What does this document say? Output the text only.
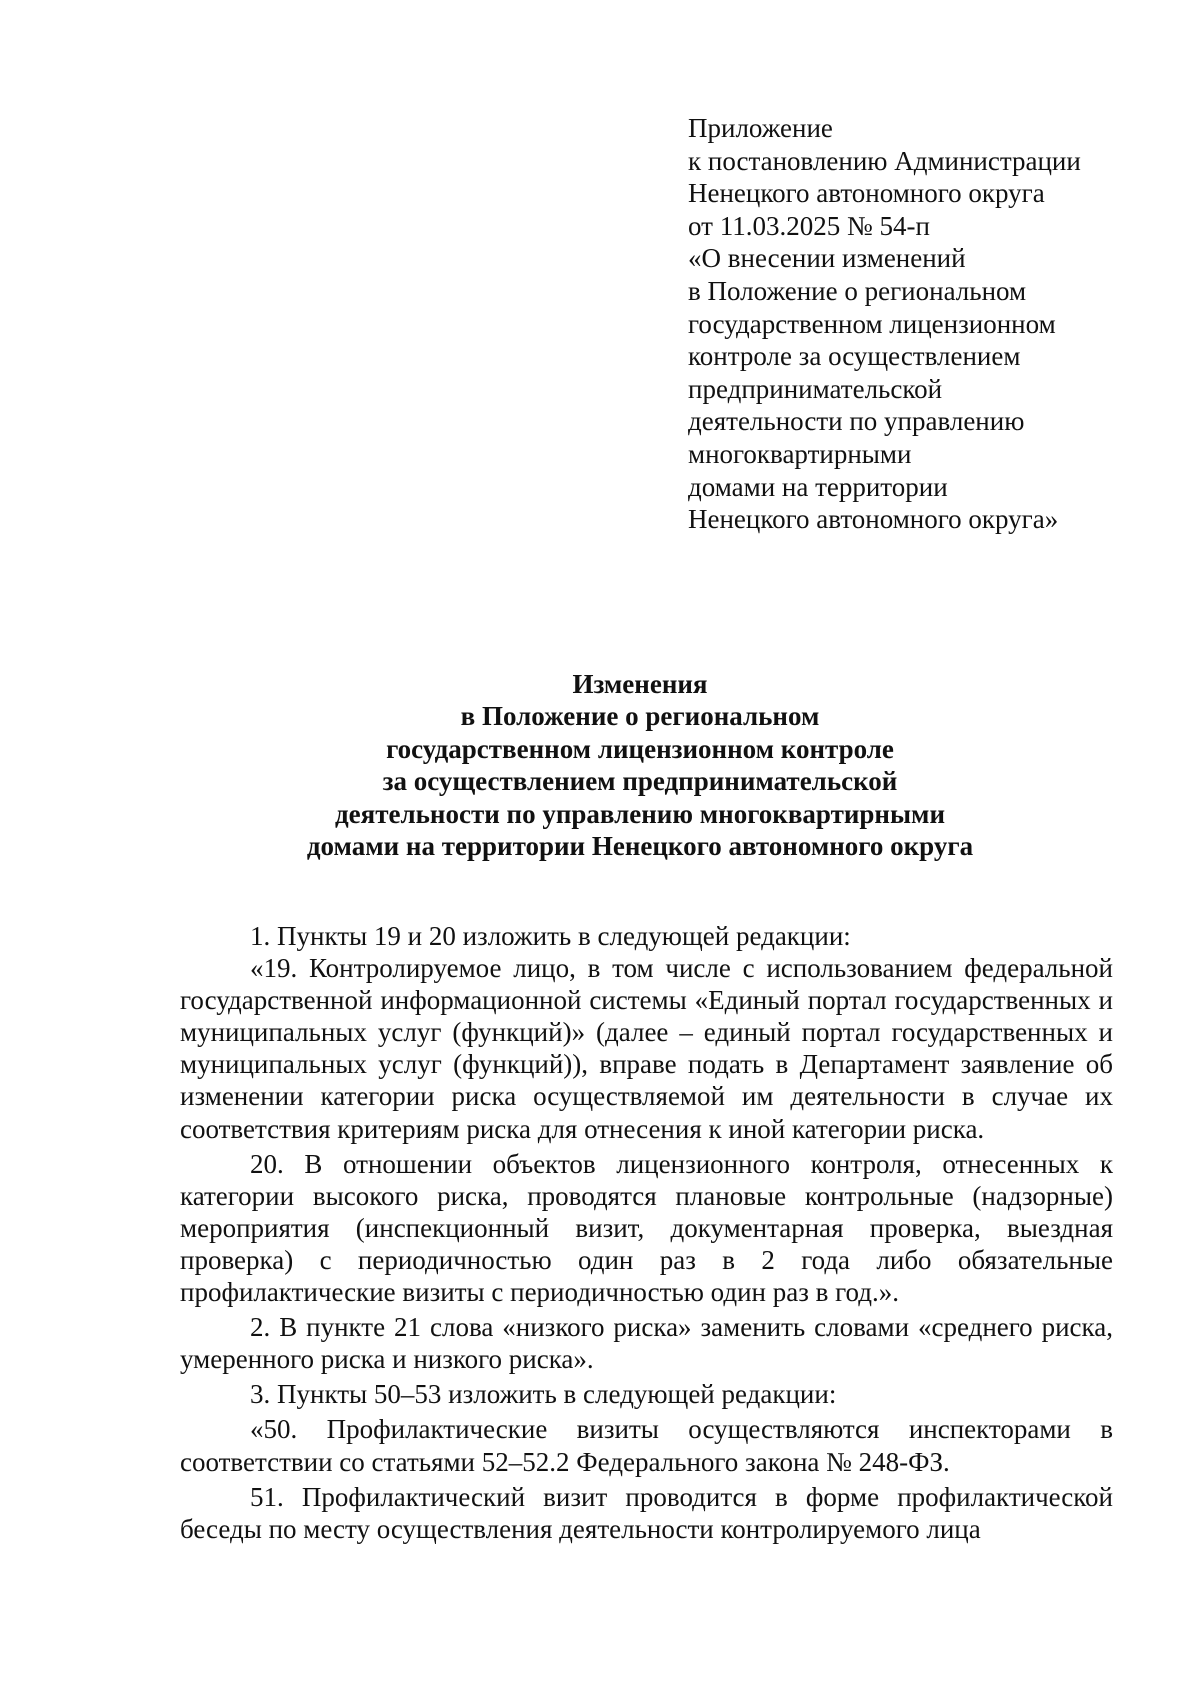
Приложение
к постановлению Администрации
Ненецкого автономного округа
от 11.03.2025 № 54-п
«О внесении изменений
в Положение о региональном
государственном лицензионном
контроле за осуществлением
предпринимательской
деятельности по управлению
многоквартирными
домами на территории
Ненецкого автономного округа»
Изменения
в Положение о региональном
государственном лицензионном контроле
за осуществлением предпринимательской
деятельности по управлению многоквартирными
домами на территории Ненецкого автономного округа

1. Пункты 19 и 20 изложить в следующей редакции:

«19. Контролируемое лицо, в том числе с использованием федеральной государственной информационной системы «Единый портал государственных и муниципальных услуг (функций)» (далее – единый портал государственных и муниципальных услуг (функций)), вправе подать в Департамент заявление об изменении категории риска осуществляемой им деятельности в случае их соответствия критериям риска для отнесения к иной категории риска.

20. В отношении объектов лицензионного контроля, отнесенных к категории высокого риска, проводятся плановые контрольные (надзорные) мероприятия (инспекционный визит, документарная проверка, выездная проверка) с периодичностью один раз в 2 года либо обязательные профилактические визиты с периодичностью один раз в год.».

2. В пункте 21 слова «низкого риска» заменить словами «среднего риска, умеренного риска и низкого риска».

3. Пункты 50–53 изложить в следующей редакции:

«50. Профилактические визиты осуществляются инспекторами в соответствии со статьями 52–52.2 Федерального закона № 248-ФЗ.

51. Профилактический визит проводится в форме профилактической беседы по месту осуществления деятельности контролируемого лица
